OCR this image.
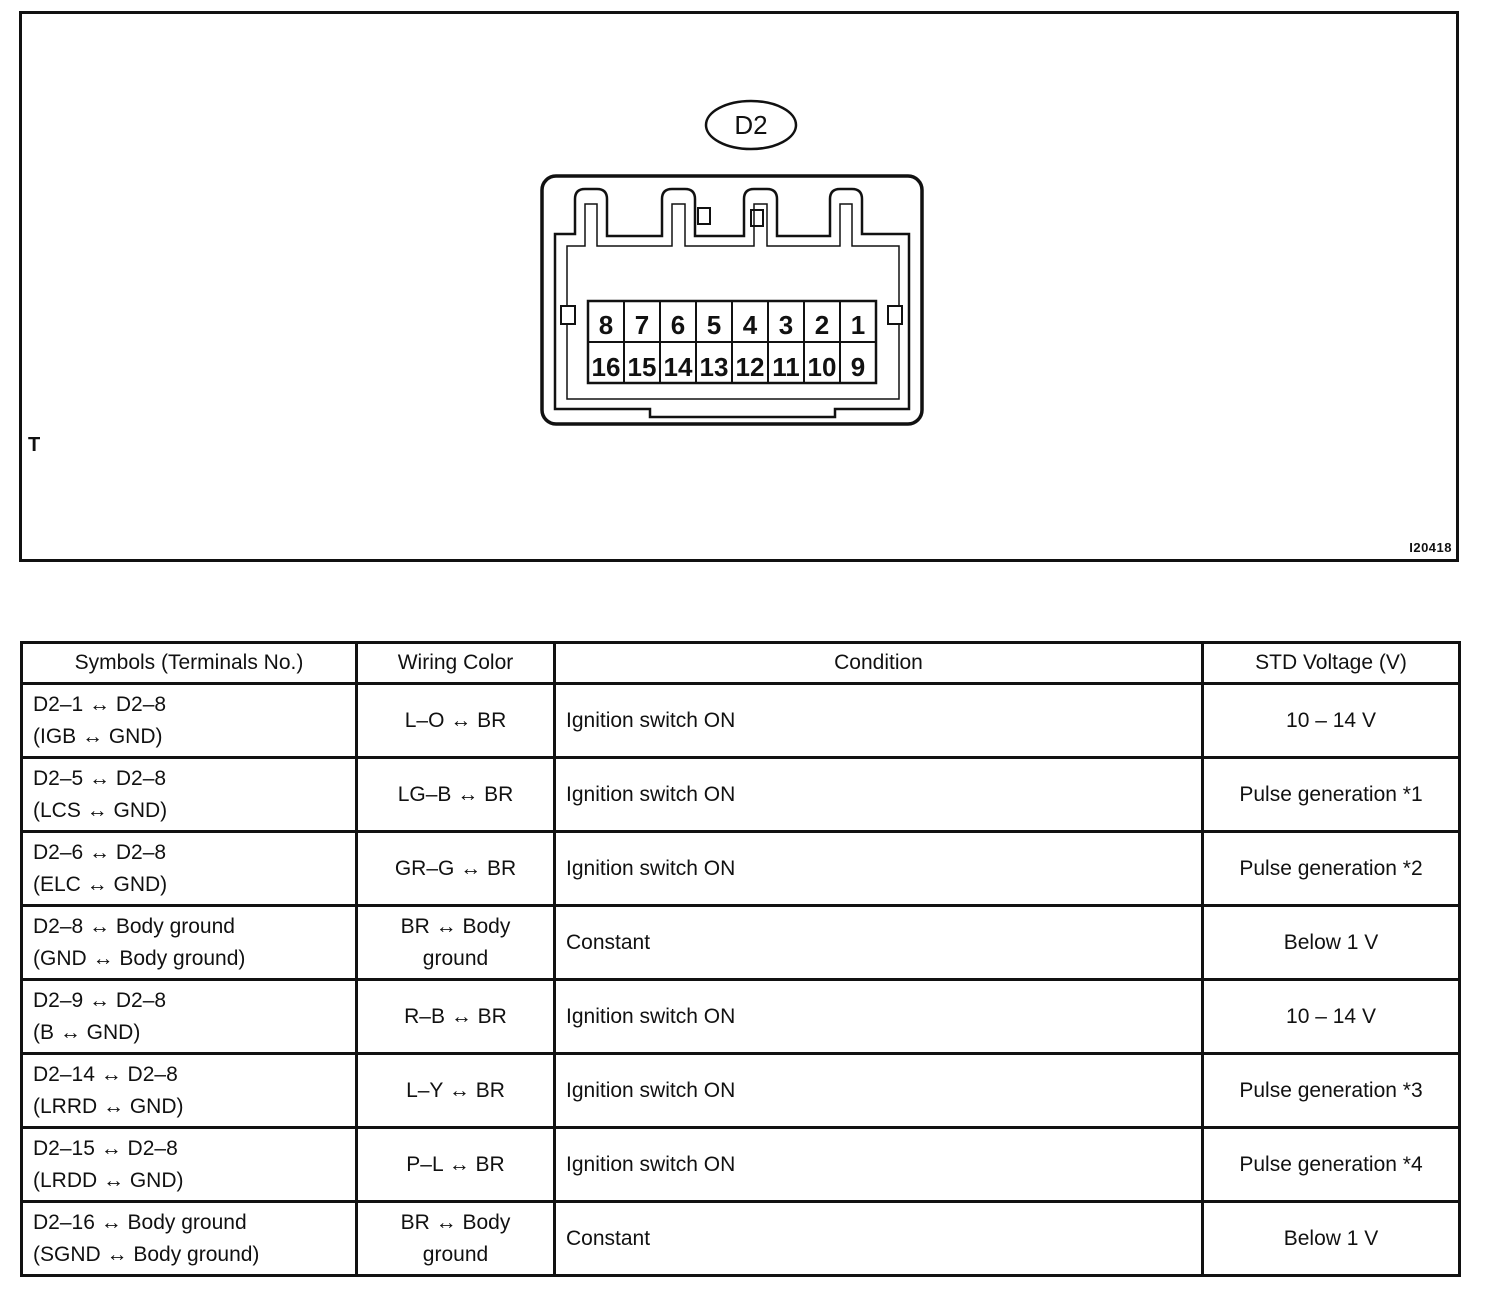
D2
8 7 6 5 4 3 2 1
16 15 14 13 12 11 10 9
T
I20418
Symbols (Terminals No.)	Wiring Color	Condition	STD Voltage (V)

D2–1 ↔ D2–8
(IGB ↔ GND)	L–O ↔ BR	Ignition switch ON	10 – 14 V

D2–5 ↔ D2–8
(LCS ↔ GND)	LG–B ↔ BR	Ignition switch ON	Pulse generation *1

D2–6 ↔ D2–8
(ELC ↔ GND)	GR–G ↔ BR	Ignition switch ON	Pulse generation *2

D2–8 ↔ Body ground
(GND ↔ Body ground)	BR ↔ Body
ground	Constant	Below 1 V

D2–9 ↔ D2–8
(B ↔ GND)	R–B ↔ BR	Ignition switch ON	10 – 14 V

D2–14 ↔ D2–8
(LRRD ↔ GND)	L–Y ↔ BR	Ignition switch ON	Pulse generation *3

D2–15 ↔ D2–8
(LRDD ↔ GND)	P–L ↔ BR	Ignition switch ON	Pulse generation *4

D2–16 ↔ Body ground
(SGND ↔ Body ground)	BR ↔ Body
ground	Constant	Below 1 V
